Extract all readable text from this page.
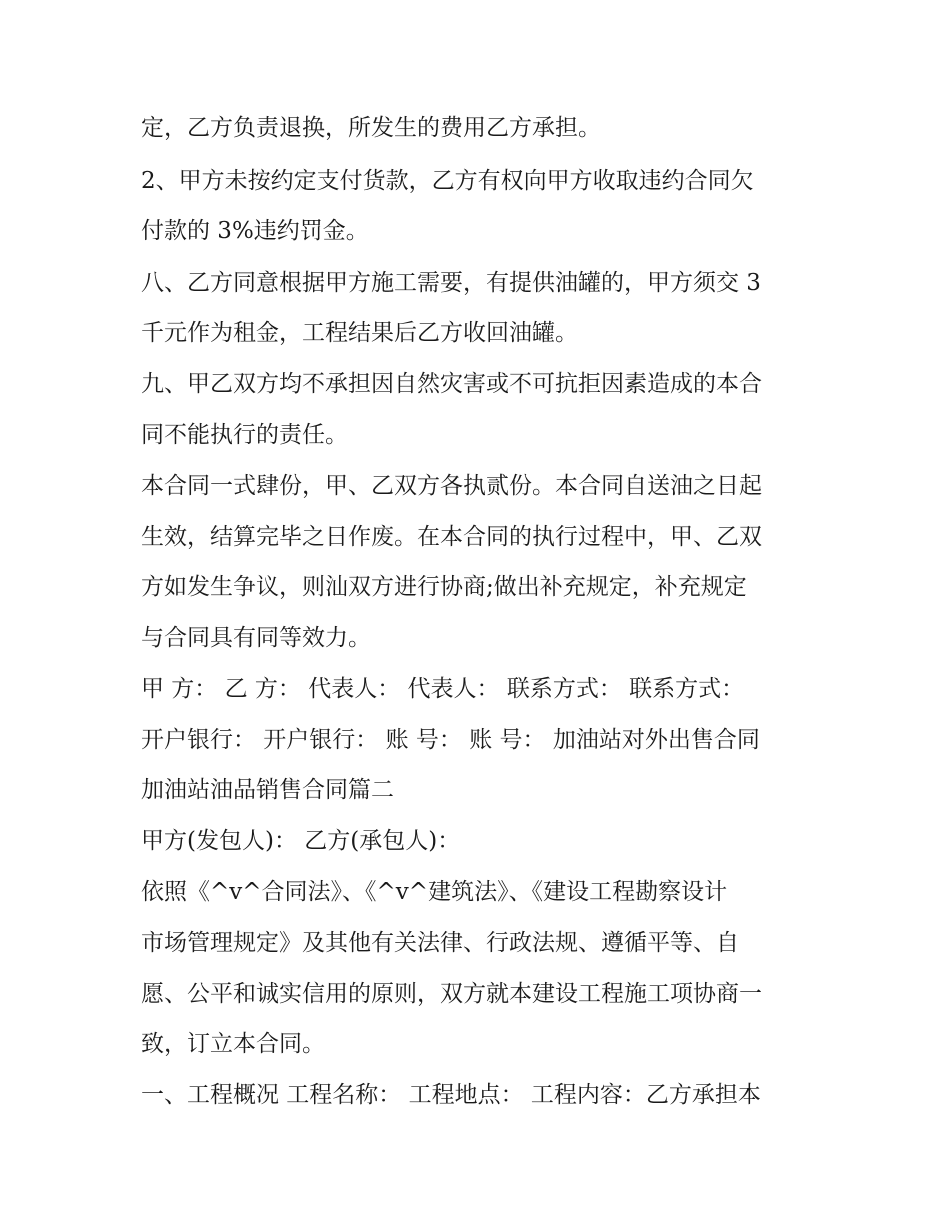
定，乙方负责退换，所发生的费用乙方承担。
2、甲方未按约定支付货款，乙方有权向甲方收取违约合同欠
付款的 3%违约罚金。
八、乙方同意根据甲方施工需要，有提供油罐的，甲方须交 3
千元作为租金，工程结果后乙方收回油罐。
九、甲乙双方均不承担因自然灾害或不可抗拒因素造成的本合
同不能执行的责任。
本合同一式肆份，甲、乙双方各执贰份。本合同自送油之日起
生效，结算完毕之日作废。在本合同的执行过程中，甲、乙双
方如发生争议，则汕双方进行协商;做出补充规定，补充规定
与合同具有同等效力。
甲 方： 乙 方： 代表人： 代表人： 联系方式： 联系方式：
开户银行： 开户银行： 账 号： 账 号： 加油站对外出售合同
加油站油品销售合同篇二
甲方(发包人)： 乙方(承包人)：
依照《^v^合同法》、《^v^建筑法》、《建设工程勘察设计
市场管理规定》及其他有关法律、行政法规、遵循平等、自
愿、公平和诚实信用的原则，双方就本建设工程施工项协商一
致，订立本合同。
一、工程概况 工程名称： 工程地点： 工程内容：乙方承担本
